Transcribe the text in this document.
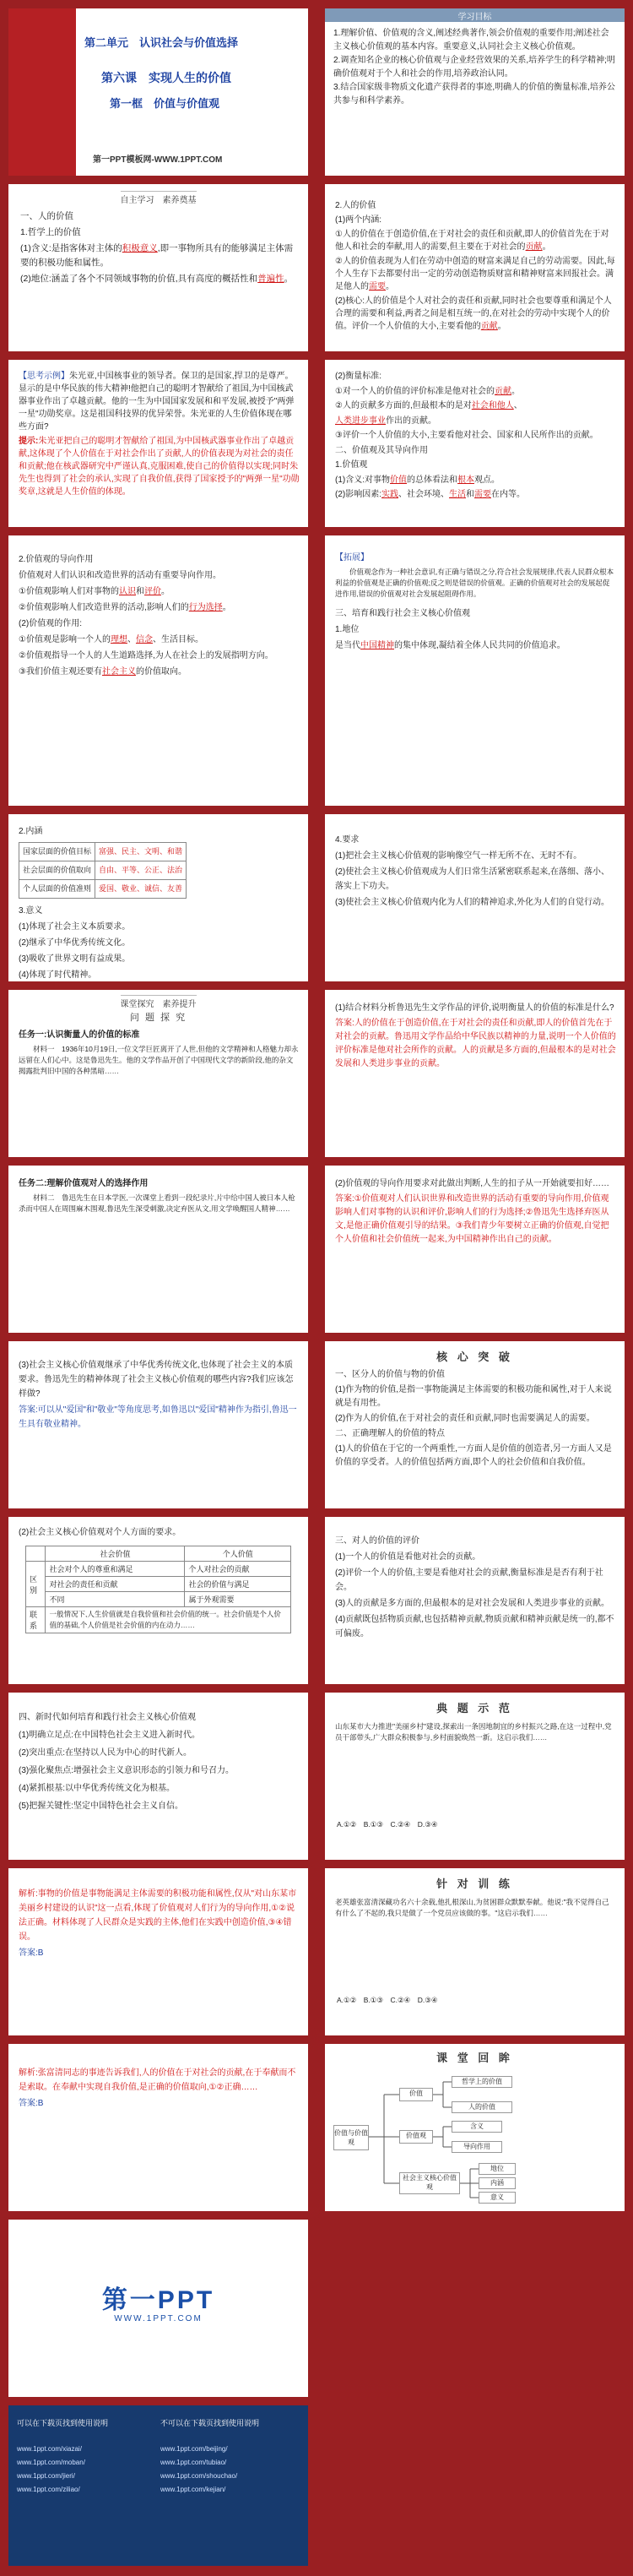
第二单元　认识社会与价值选择
第六课　实现人生的价值
第一框　价值与价值观
第一PPT模板网-WWW.1PPT.COM
学习目标
1.理解价值、价值观的含义,阐述经典著作,领会价值观的重要作用;阐述社会主义核心价值观的基本内容。重要意义,认同社会主义核心价值观。
2.调查知名企业的核心价值观与企业经营效果的关系,培养学生的科学精神;明确价值观对于个人和社会的作用,培养政治认同。
3.结合国家级非物质文化遗产获得者的事迹,明确人的价值的衡量标准,培养公共参与和科学素养。
自主学习　素养奠基

一、人的价值

1.哲学上的价值

(1)含义:是指客体对主体的积极意义,即一事物所具有的能够满足主体需要的积极功能和属性。

(2)地位:涵盖了各个不同领域事物的价值,具有高度的概括性和普遍性。

2.人的价值

(1)两个内涵:

①人的价值在于创造价值,在于对社会的责任和贡献,即人的价值首先在于对他人和社会的奉献,用人的需要,但主要在于对社会的贡献。

②人的价值表现为人们在劳动中创造的财富来满足自己的劳动需要。因此,每个人生存下去都要付出一定的劳动创造物质财富和精神财富来回报社会。满足他人的需要。

(2)核心:人的价值是个人对社会的责任和贡献,同时社会也要尊重和满足个人合理的需要和利益,两者之间是相互统一的,在对社会的劳动中实现个人的价值。评价一个人价值的大小,主要看他的贡献。

【思考示例】朱光亚,中国核事业的领导者。保卫的是国家,捍卫的是尊严。显示的是中华民族的伟大精神!他把自己的聪明才智献给了祖国,为中国核武器事业作出了卓越贡献。他的一生为中国国家发展和和平发展,被授予"两弹一星"功勋奖章。这是祖国科技界的优异荣誉。朱光亚的人生价值体现在哪些方面?

提示:朱光亚把自己的聪明才智献给了祖国,为中国核武器事业作出了卓越贡献,这体现了个人价值在于对社会作出了贡献,人的价值表现为对社会的责任和贡献;他在核武器研究中严谨认真,克服困难,使自己的价值得以实现;同时朱先生也得到了社会的承认,实现了自我价值,获得了国家授予的"两弹一星"功勋奖章,这就是人生价值的体现。

(2)衡量标准:

①对一个人的价值的评价标准是他对社会的贡献。

②人的贡献多方面的,但最根本的是对社会和他人、

人类进步事业作出的贡献。

③评价一个人价值的大小,主要看他对社会、国家和人民所作出的贡献。

二、价值观及其导向作用

1.价值观

(1)含义:对事物价值的总体看法和根本观点。

(2)影响因素:实践、社会环境、生活和需要在内等。

2.价值观的导向作用

价值观对人们认识和改造世界的活动有重要导向作用。

①价值观影响人们对事物的认识和评价。

②价值观影响人们改造世界的活动,影响人们的行为选择。

(2)价值观的作用:

①价值观是影响一个人的理想、信念、生活目标。

②价值观指导一个人的人生道路选择,为人在社会上的发展指明方向。

③我们价值主观还要有社会主义的价值取向。

【拓展】

价值观念作为一种社会意识,有正确与错误之分,符合社会发展规律,代表人民群众根本利益的价值观是正确的价值观;反之则是错误的价值观。正确的价值观对社会的发展起促进作用,错误的价值观对社会发展起阻碍作用。

三、培育和践行社会主义核心价值观

1.地位

是当代中国精神的集中体现,凝结着全体人民共同的价值追求。

2.内涵

国家层面的价值目标	富强、民主、文明、和谐
社会层面的价值取向	自由、平等、公正、法治
个人层面的价值准则	爱国、敬业、诚信、友善

3.意义

(1)体现了社会主义本质要求。

(2)继承了中华优秀传统文化。

(3)吸收了世界文明有益成果。

(4)体现了时代精神。

4.要求

(1)把社会主义核心价值观的影响像空气一样无所不在、无时不有。

(2)使社会主义核心价值观成为人们日常生活紧密联系起来,在落细、落小、落实上下功夫。

(3)使社会主义核心价值观内化为人们的精神追求,外化为人们的自觉行动。

课堂探究　素养提升
问 题 探 究

任务一:认识衡量人的价值的标准

材料一　1936年10月19日,一位文学巨匠离开了人世,但他的文学精神和人格魅力却永远留在人们心中。这是鲁迅先生。他的文学作品开创了中国现代文学的新阶段,他的杂文揭露批判旧中国的各种黑暗……

(1)结合材料分析鲁迅先生文学作品的评价,说明衡量人的价值的标准是什么?

答案:人的价值在于创造价值,在于对社会的责任和贡献,即人的价值首先在于对社会的贡献。鲁迅用文学作品给中华民族以精神的力量,说明一个人价值的评价标准是他对社会所作的贡献。人的贡献是多方面的,但最根本的是对社会发展和人类进步事业的贡献。

任务二:理解价值观对人的选择作用

材料二　鲁迅先生在日本学医,一次课堂上看到一段纪录片,片中给中国人被日本人枪杀而中国人在周围麻木围观,鲁迅先生深受刺激,决定弃医从文,用文学唤醒国人精神……

(2)价值观的导向作用要求对此做出判断,人生的扣子从一开始就要扣好……

答案:①价值观对人们认识世界和改造世界的活动有重要的导向作用,价值观影响人们对事物的认识和评价,影响人们的行为选择;②鲁迅先生选择弃医从文,是他正确价值观引导的结果。③我们青少年要树立正确的价值观,自觉把个人价值和社会价值统一起来,为中国精神作出自己的贡献。

(3)社会主义核心价值观继承了中华优秀传统文化,也体现了社会主义的本质要求。鲁迅先生的精神体现了社会主义核心价值观的哪些内容?我们应该怎样做?

答案:可以从"爱国"和"敬业"等角度思考,如鲁迅以"爱国"精神作为指引,鲁迅一生具有敬业精神。

核 心 突 破

一、区分人的价值与物的价值

(1)作为物的价值,是指一事物能满足主体需要的积极功能和属性,对于人来说就是有用性。

(2)作为人的价值,在于对社会的责任和贡献,同时也需要满足人的需要。

二、正确理解人的价值的特点

(1)人的价值在于它的一个两重性,一方面人是价值的创造者,另一方面人又是价值的享受者。人的价值包括两方面,即个人的社会价值和自我价值。

(2)社会主义核心价值观对个人方面的要求。
	社会价值	个人价值
区别	社会对个人的尊重和满足	个人对社会的贡献
	对社会的责任和贡献	社会的价值与满足
	不同	属于外观需要
联系	一般情况下,人生价值就是自我价值和社会价值的统一。社会价值是个人价值的基础,个人价值是社会价值的内在动力……	

三、对人的价值的评价

(1)一个人的价值是看他对社会的贡献。

(2)评价一个人的价值,主要是看他对社会的贡献,衡量标准是是否有利于社会。

(3)人的贡献是多方面的,但最根本的是对社会发展和人类进步事业的贡献。

(4)贡献既包括物质贡献,也包括精神贡献,物质贡献和精神贡献是统一的,都不可偏废。

四、新时代如何培育和践行社会主义核心价值观

(1)明确立足点:在中国特色社会主义进入新时代。

(2)突出重点:在坚持以人民为中心的时代新人。

(3)强化聚焦点:增强社会主义意识形态的引领力和号召力。

(4)紧抓根基:以中华优秀传统文化为根基。

(5)把握关键性:坚定中国特色社会主义自信。

典 题 示 范
山东某市大力推进"美丽乡村"建设,探索出一条因地制宜的乡村振兴之路,在这一过程中,党员干部带头,广大群众积极参与,乡村面貌焕然一新。这启示我们……
A.①②　B.①③　C.②④　D.③④

解析:事物的价值是事物能满足主体需要的积极功能和属性,仅从"对山东某市美丽乡村建设的认识"这一点看,体现了价值观对人们行为的导向作用,①②说法正确。材料体现了人民群众是实践的主体,他们在实践中创造价值,③④错误。

答案:B

针 对 训 练
老英雄张富清深藏功名六十余载,他扎根深山,为贫困群众默默奉献。他说:"我不觉得自己有什么了不起的,我只是做了一个党员应该做的事。"这启示我们……
A.①②　B.①③　C.②④　D.③④

解析:张富清同志的事迹告诉我们,人的价值在于对社会的贡献,在于奉献而不是索取。在奉献中实现自我价值,是正确的价值取向,①②正确……

答案:B

课 堂 回 眸
价值与价值观
价值
价值观
社会主义核心价值观
哲学上的价值
人的价值
含义
导向作用
地位
内涵
意义
第一PPT
WWW.1PPT.COM
可以在下载页找到使用说明	不可以在下载页找到使用说明
www.1ppt.com/xiazai/
www.1ppt.com/moban/
www.1ppt.com/jieri/
www.1ppt.com/ziliao/
www.1ppt.com/beijing/
www.1ppt.com/tubiao/
www.1ppt.com/shouchao/
www.1ppt.com/kejian/
